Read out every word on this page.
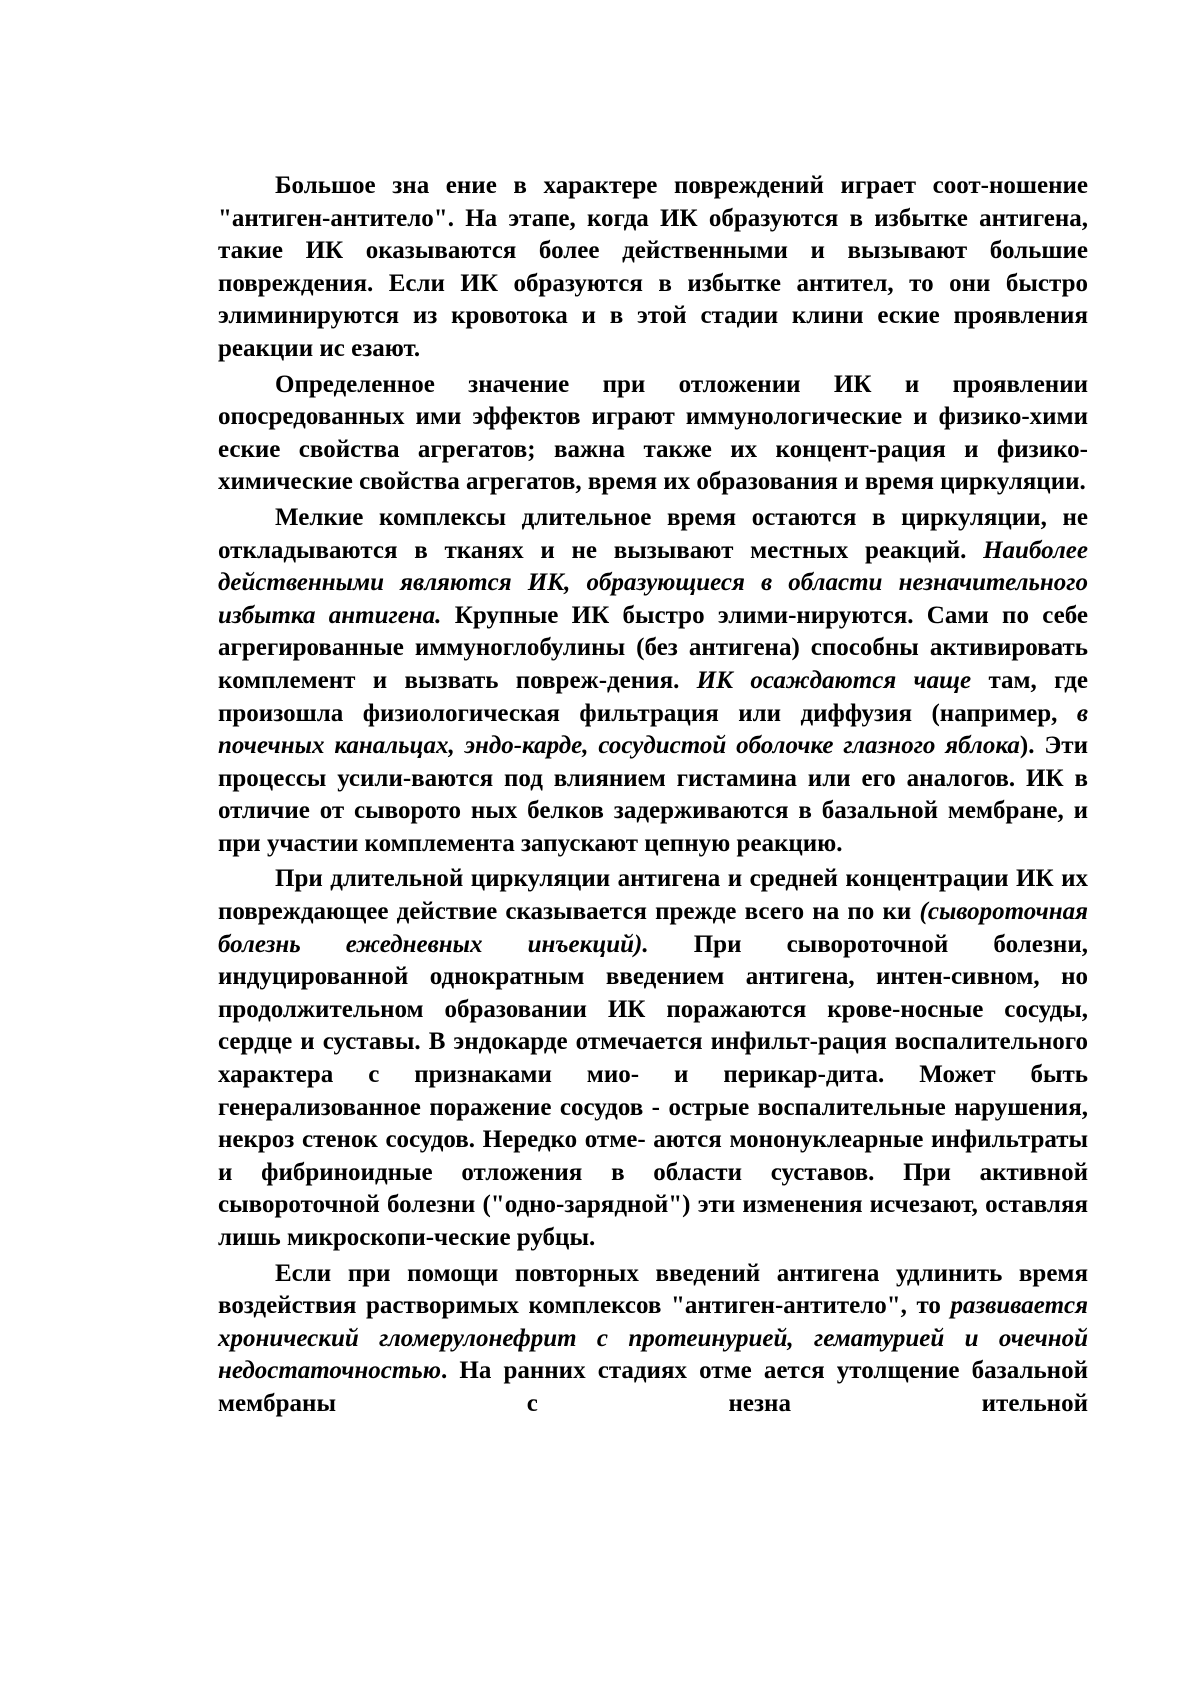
Большое зна ение в характере повреждений играет соот-ношение "антиген-антитело". На этапе, когда ИК образуются в избытке антигена, такие ИК оказываются более действенными и вызывают большие повреждения. Если ИК образуются в избытке антител, то они быстро элиминируются из кровотока и в этой стадии клини еские проявления реакции ис езают.

Определенное значение при отложении ИК и проявлении опосредованных ими эффектов играют иммунологические и физико-хими еские свойства агрегатов; важна также их концент-рация и физико-химические свойства агрегатов, время их образования и время циркуляции.

Мелкие комплексы длительное время остаются в циркуляции, не откладываются в тканях и не вызывают местных реакций. Наиболее действенными являются ИК, образующиеся в области незначительного избытка антигена. Крупные ИК быстро элими-нируются. Сами по себе агрегированные иммуноглобулины (без антигена) способны активировать комплемент и вызвать повреж-дения. ИК осаждаются чаще там, где произошла физиологическая фильтрация или диффузия (например, в почечных канальцах, эндо-карде, сосудистой оболочке глазного яблока). Эти процессы усили-ваются под влиянием гистамина или его аналогов. ИК в отличие от сыворото ных белков задерживаются в базальной мембране, и при участии комплемента запускают цепную реакцию.

При длительной циркуляции антигена и средней концентрации ИК их повреждающее действие сказывается прежде всего на по ки (сывороточная болезнь ежедневных инъекций). При сывороточной болезни, индуцированной однократным введением антигена, интен-сивном, но продолжительном образовании ИК поражаются крове-носные сосуды, сердце и суставы. В эндокарде отмечается инфильт-рация воспалительного характера с признаками мио- и перикар-дита. Может быть генерализованное поражение сосудов - острые воспалительные нарушения, некроз стенок сосудов. Нередко отме- аются мононуклеарные инфильтраты и фибриноидные отложения в области суставов. При активной сывороточной болезни ("одно-зарядной") эти изменения исчезают, оставляя лишь микроскопи-ческие рубцы.

Если при помощи повторных введений антигена удлинить время воздействия растворимых комплексов "антиген-антитело", то развивается хронический гломерулонефрит с протеинурией, гематурией и очечной недостаточностью. На ранних стадиях отме ается утолщение базальной мембраны с незна ительной
